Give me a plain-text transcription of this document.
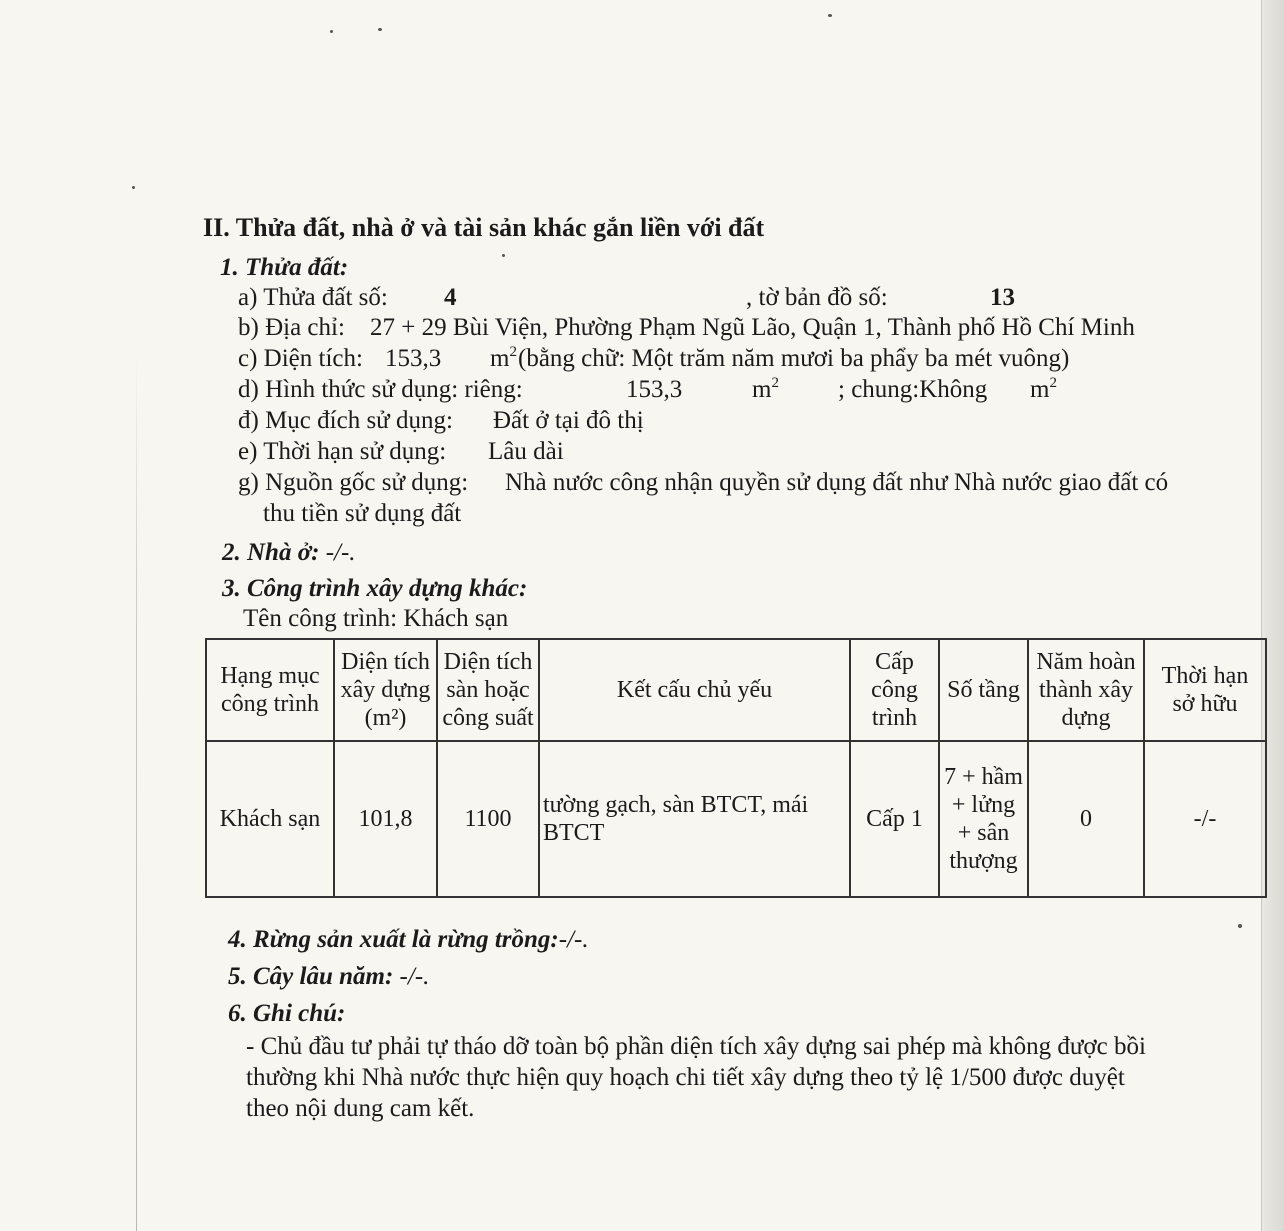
II. Thửa đất, nhà ở và tài sản khác gắn liền với đất
1. Thửa đất:
a) Thửa đất số: 4	, tờ bản đồ số:	13
b) Địa chỉ: 27 + 29 Bùi Viện, Phường Phạm Ngũ Lão, Quận 1, Thành phố Hồ Chí Minh
c) Diện tích: 153,3 $m^2$ (bằng chữ: Một trăm năm mươi ba phẩy ba mét vuông)
d) Hình thức sử dụng: riêng:	153,3	$m^2$ ; chung:Không $m^2$
đ) Mục đích sử dụng: Đất ở tại đô thị
e) Thời hạn sử dụng: Lâu dài
g) Nguồn gốc sử dụng: Nhà nước công nhận quyền sử dụng đất như Nhà nước giao đất có
thu tiền sử dụng đất
2. Nhà ở: -/-.
3. Công trình xây dựng khác:
Tên công trình: Khách sạn
Hạng mục công trình	Diện tích xây dựng (m²)	Diện tích sàn hoặc công suất	Kết cấu chủ yếu	Cấp công trình	Số tầng	Năm hoàn thành xây dựng	Thời hạn sở hữu
Khách sạn	101,8	1100	tường gạch, sàn BTCT, mái BTCT	Cấp 1	7 + hầm + lửng + sân thượng	0	-/-
4. Rừng sản xuất là rừng trồng:-/-.
5. Cây lâu năm: -/-.
6. Ghi chú:
- Chủ đầu tư phải tự tháo dỡ toàn bộ phần diện tích xây dựng sai phép mà không được bồi
thường khi Nhà nước thực hiện quy hoạch chi tiết xây dựng theo tỷ lệ 1/500 được duyệt
theo nội dung cam kết.
